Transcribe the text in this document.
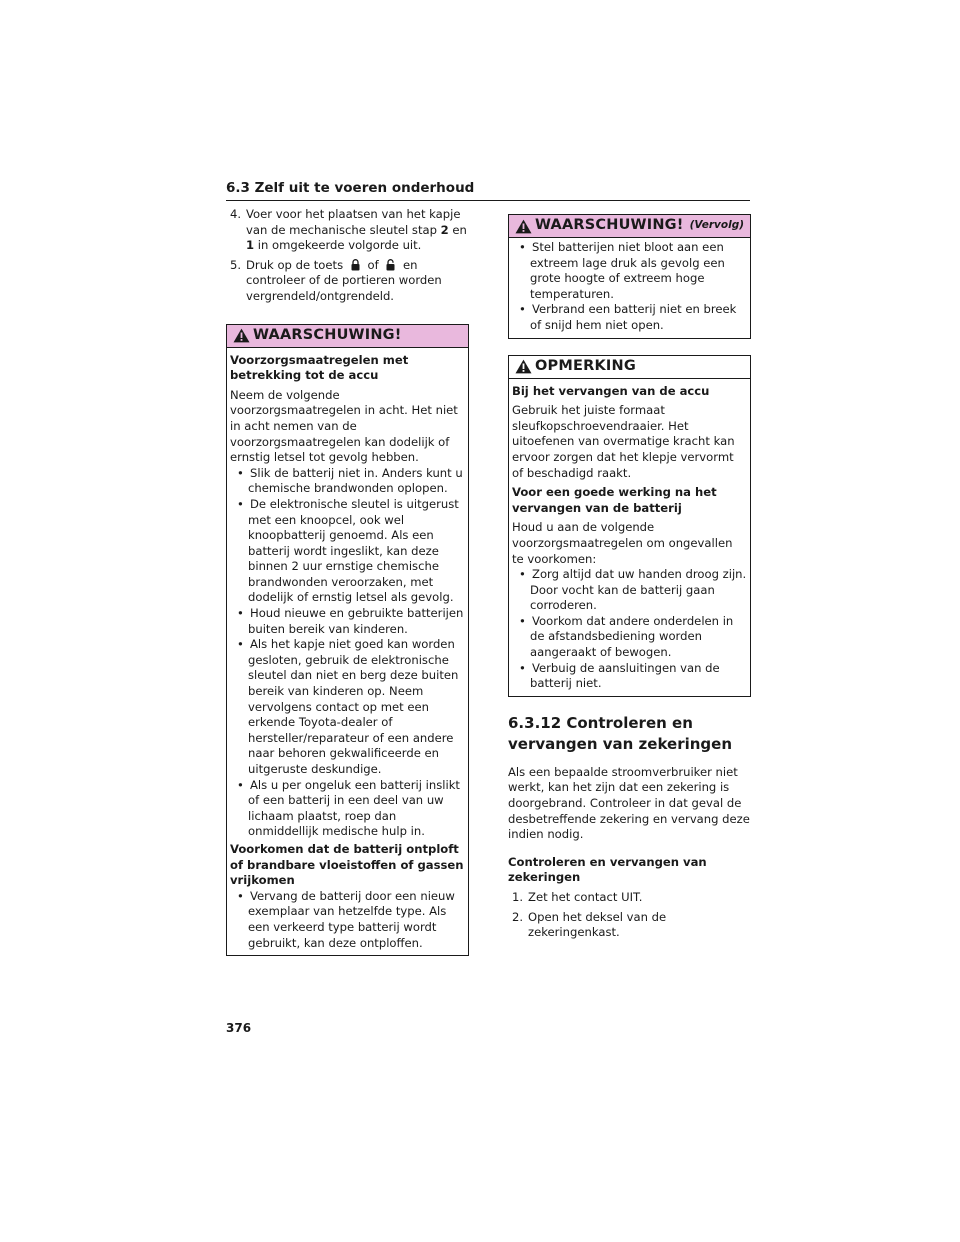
6.3 Zelf uit te voeren onderhoud
4. Voer voor het plaatsen van het kapje van de mechanische sleutel stap 2 en
1 in omgekeerde volgorde uit.
5. Druk op de toets  of  en controleer of de portieren worden vergrendeld/ontgrendeld.
WAARSCHUWING!
Voorzorgsmaatregelen met betrekking tot de accu
Neem de volgende voorzorgsmaatregelen in acht. Het niet in acht nemen van de voorzorgsmaatregelen kan dodelijk of ernstig letsel tot gevolg hebben.
• Slik de batterij niet in. Anders kunt u chemische brandwonden oplopen.
• De elektronische sleutel is uitgerust met een knoopcel, ook wel knoopbatterij genoemd. Als een batterij wordt ingeslikt, kan deze binnen 2 uur ernstige chemische brandwonden veroorzaken, met dodelijk of ernstig letsel als gevolg.
• Houd nieuwe en gebruikte batterijen buiten bereik van kinderen.
• Als het kapje niet goed kan worden gesloten, gebruik de elektronische sleutel dan niet en berg deze buiten bereik van kinderen op. Neem vervolgens contact op met een erkende Toyota-dealer of hersteller/reparateur of een andere naar behoren gekwalificeerde en uitgeruste deskundige.
• Als u per ongeluk een batterij inslikt of een batterij in een deel van uw lichaam plaatst, roep dan onmiddellijk medische hulp in.
Voorkomen dat de batterij ontploft of brandbare vloeistoffen of gassen vrijkomen
• Vervang de batterij door een nieuw exemplaar van hetzelfde type. Als een verkeerd type batterij wordt gebruikt, kan deze ontploffen.
WAARSCHUWING! (Vervolg)
• Stel batterijen niet bloot aan een extreem lage druk als gevolg een grote hoogte of extreem hoge temperaturen.
• Verbrand een batterij niet en breek of snijd hem niet open.
OPMERKING
Bij het vervangen van de accu
Gebruik het juiste formaat sleufkopschroevendraaier. Het uitoefenen van overmatige kracht kan ervoor zorgen dat het klepje vervormt of beschadigd raakt.
Voor een goede werking na het vervangen van de batterij
Houd u aan de volgende voorzorgsmaatregelen om ongevallen te voorkomen:
• Zorg altijd dat uw handen droog zijn. Door vocht kan de batterij gaan corroderen.
• Voorkom dat andere onderdelen in de afstandsbediening worden aangeraakt of bewogen.
• Verbuig de aansluitingen van de batterij niet.
6.3.12 Controleren en vervangen van zekeringen
Als een bepaalde stroomverbruiker niet werkt, kan het zijn dat een zekering is doorgebrand. Controleer in dat geval de desbetreffende zekering en vervang deze indien nodig.
Controleren en vervangen van zekeringen
1. Zet het contact UIT.
2. Open het deksel van de zekeringenkast.
376
